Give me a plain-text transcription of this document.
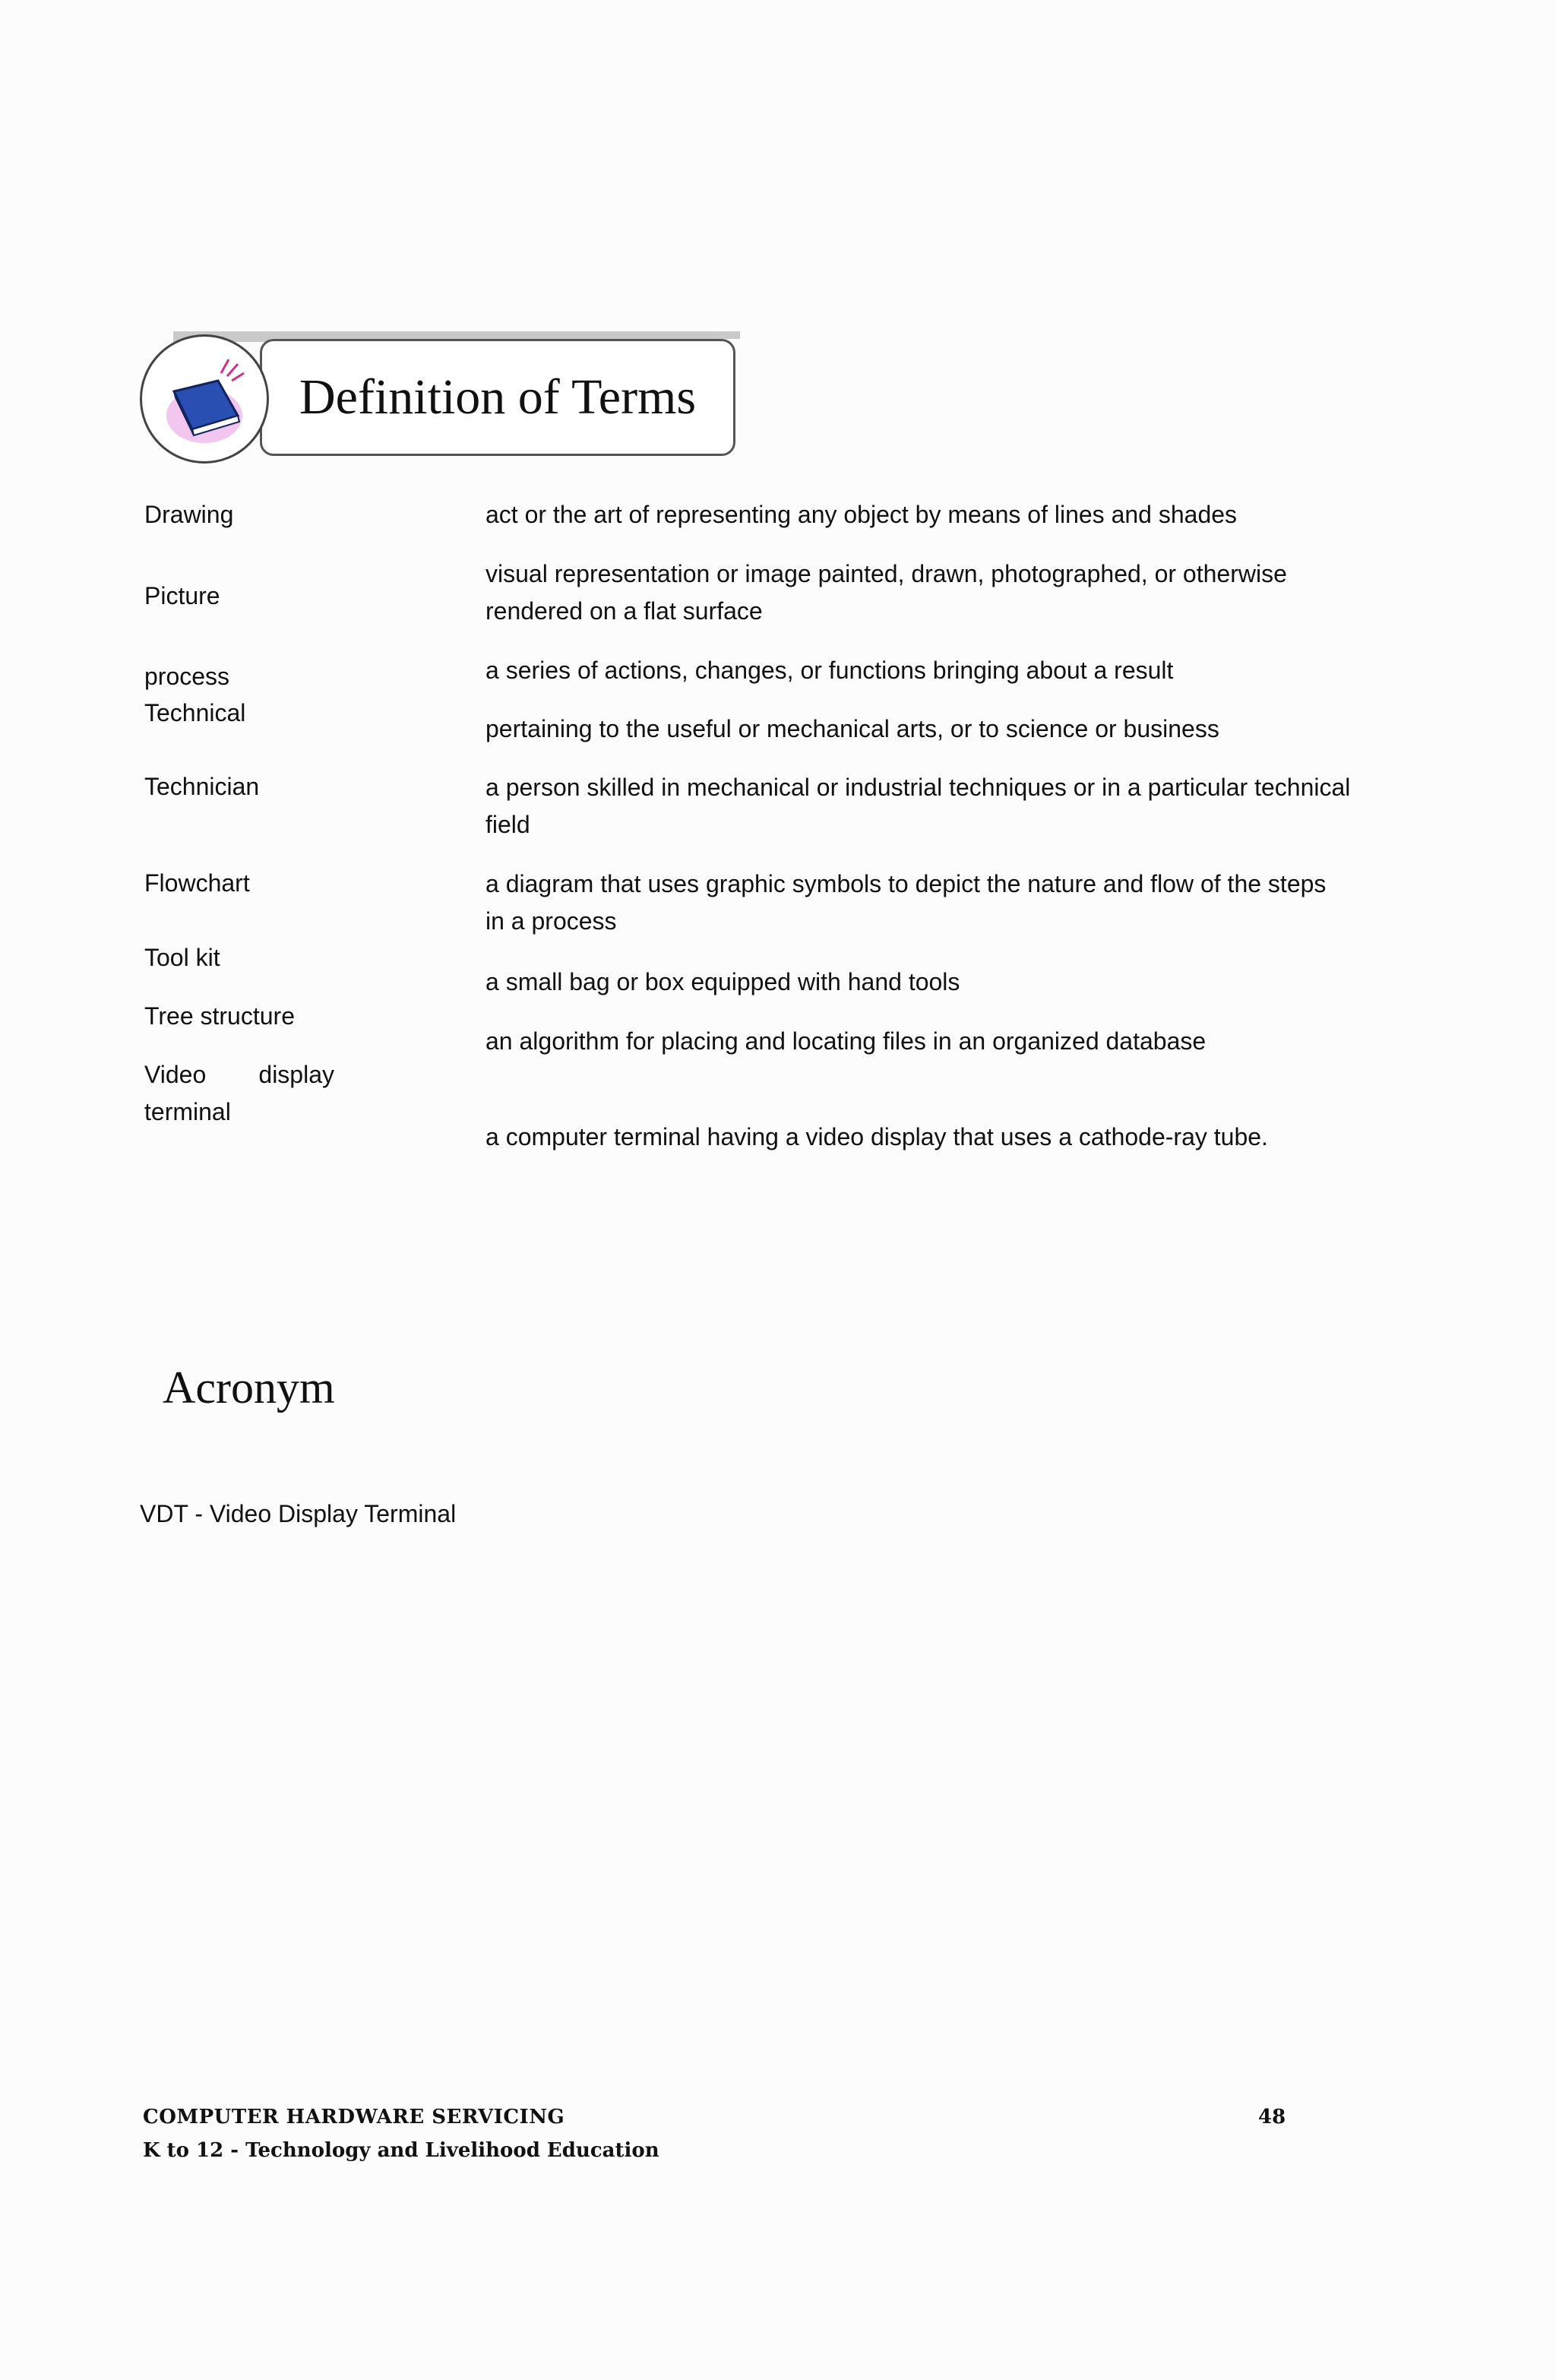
Definition of Terms
Drawing
Picture
process
Technical
Technician
Flowchart
Tool kit
Tree structure
Video display
terminal
act or the art of representing any object by means of lines and shades
visual representation or image painted, drawn, photographed, or otherwise rendered on a flat surface
a series of actions, changes, or functions bringing about a result
pertaining to the useful or mechanical arts, or to science or business
a person skilled in mechanical or industrial techniques or in a particular technical field
a diagram that uses graphic symbols to depict the nature and flow of the steps in a process
a small bag or box equipped with hand tools
an algorithm for placing and locating files in an organized database
a computer terminal having a video display that uses a cathode-ray tube.
Acronym
VDT - Video Display Terminal
COMPUTER HARDWARE SERVICING
K to 12 - Technology and Livelihood Education
48
